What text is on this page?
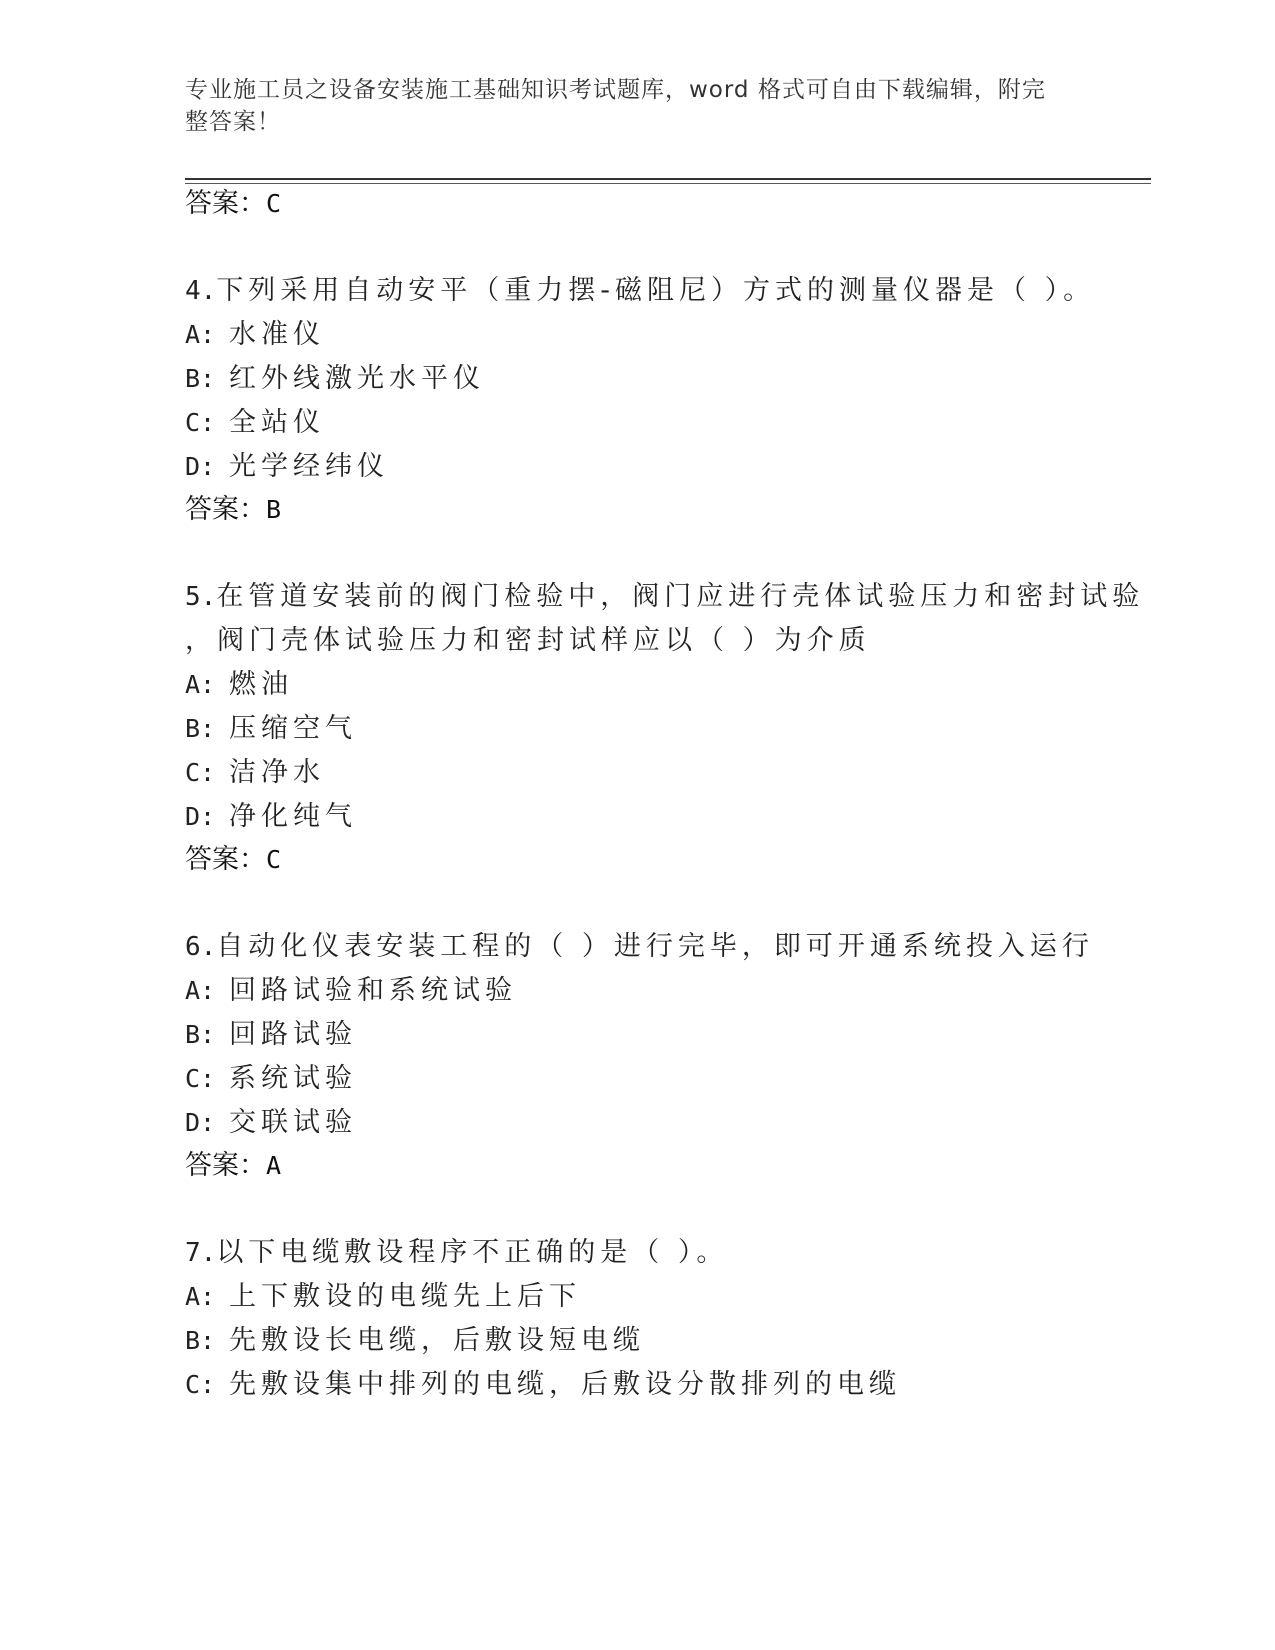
专业施工员之设备安装施工基础知识考试题库，word 格式可自由下载编辑，附完整答案！
答案：C
4.下列采用自动安平（重力摆-磁阻尼）方式的测量仪器是（ ）。
A: 水准仪
B: 红外线激光水平仪
C: 全站仪
D: 光学经纬仪
答案：B
5.在管道安装前的阀门检验中，阀门应进行壳体试验压力和密封试验
，阀门壳体试验压力和密封试样应以（ ）为介质
A: 燃油
B: 压缩空气
C: 洁净水
D: 净化纯气
答案：C
6.自动化仪表安装工程的（ ）进行完毕，即可开通系统投入运行
A: 回路试验和系统试验
B: 回路试验
C: 系统试验
D: 交联试验
答案：A
7.以下电缆敷设程序不正确的是（ ）。
A: 上下敷设的电缆先上后下
B: 先敷设长电缆，后敷设短电缆
C: 先敷设集中排列的电缆，后敷设分散排列的电缆
